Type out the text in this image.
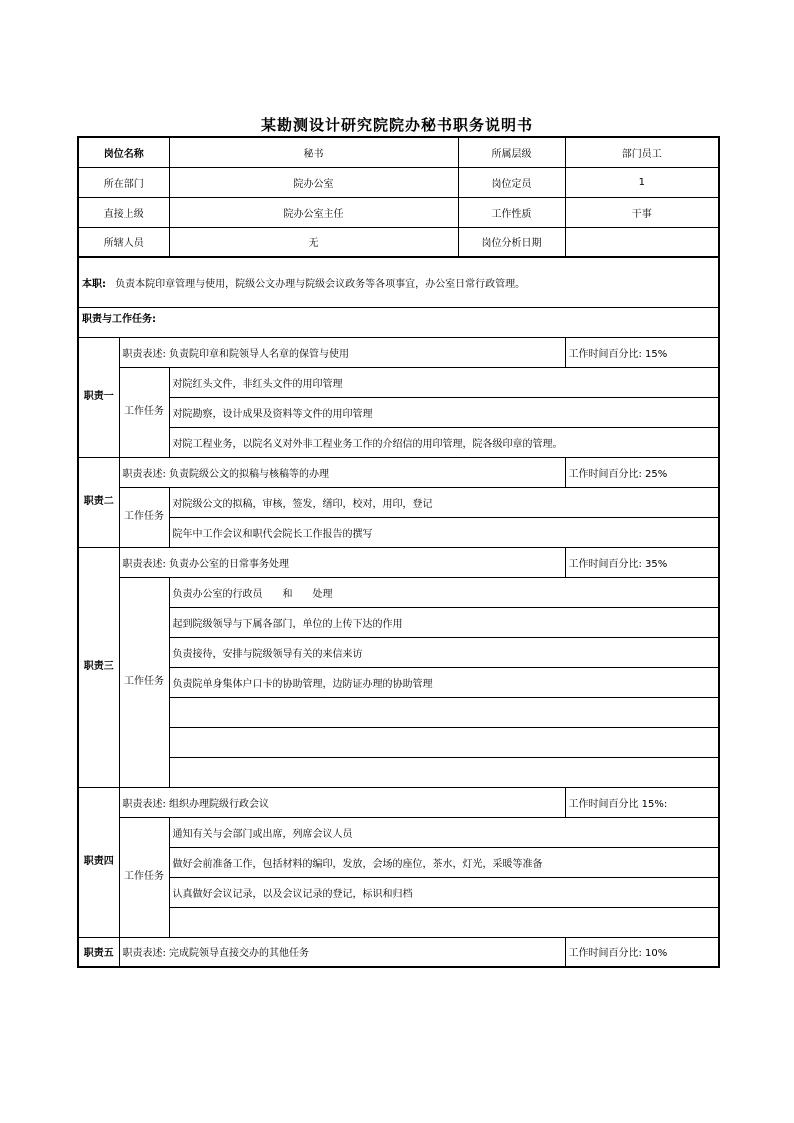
某勘测设计研究院院办秘书职务说明书
岗位名称		秘书	所属层级	部门员工
所在部门		院办公室	岗位定员	1
直接上级		院办公室主任	工作性质	干事
所辖人员		无	岗位分析日期	
本职: 负责本院印章管理与使用，院级公文办理与院级会议政务等各项事宜，办公室日常行政管理。				
职责与工作任务:				
职责一	职责表述: 负责院印章和院领导人名章的保管与使用			工作时间百分比: 15%
	工作任务	对院红头文件，非红头文件的用印管理		
		对院勘察，设计成果及资料等文件的用印管理		
		对院工程业务，以院名义对外非工程业务工作的介绍信的用印管理，院各级印章的管理。		
职责二	职责表述: 负责院级公文的拟稿与核稿等的办理			工作时间百分比: 25%
	工作任务	对院级公文的拟稿，审核，签发，缮印，校对，用印，登记		
		院年中工作会议和职代会院长工作报告的撰写		
职责三	职责表述: 负责办公室的日常事务处理			工作时间百分比: 35%
	工作任务	负责办公室的行政员　　和　　处理		
		起到院级领导与下属各部门，单位的上传下达的作用		
		负责接待，安排与院级领导有关的来信来访		
		负责院单身集体户口卡的协助管理，边防证办理的协助管理		

职责四	职责表述: 组织办理院级行政会议			工作时间百分比 15%:
	工作任务	通知有关与会部门或出席，列席会议人员		
		做好会前准备工作，包括材料的编印，发放，会场的座位，茶水，灯光，采暖等准备		
		认真做好会议记录，以及会议记录的登记，标识和归档		

职责五	职责表述: 完成院领导直接交办的其他任务			工作时间百分比: 10%
